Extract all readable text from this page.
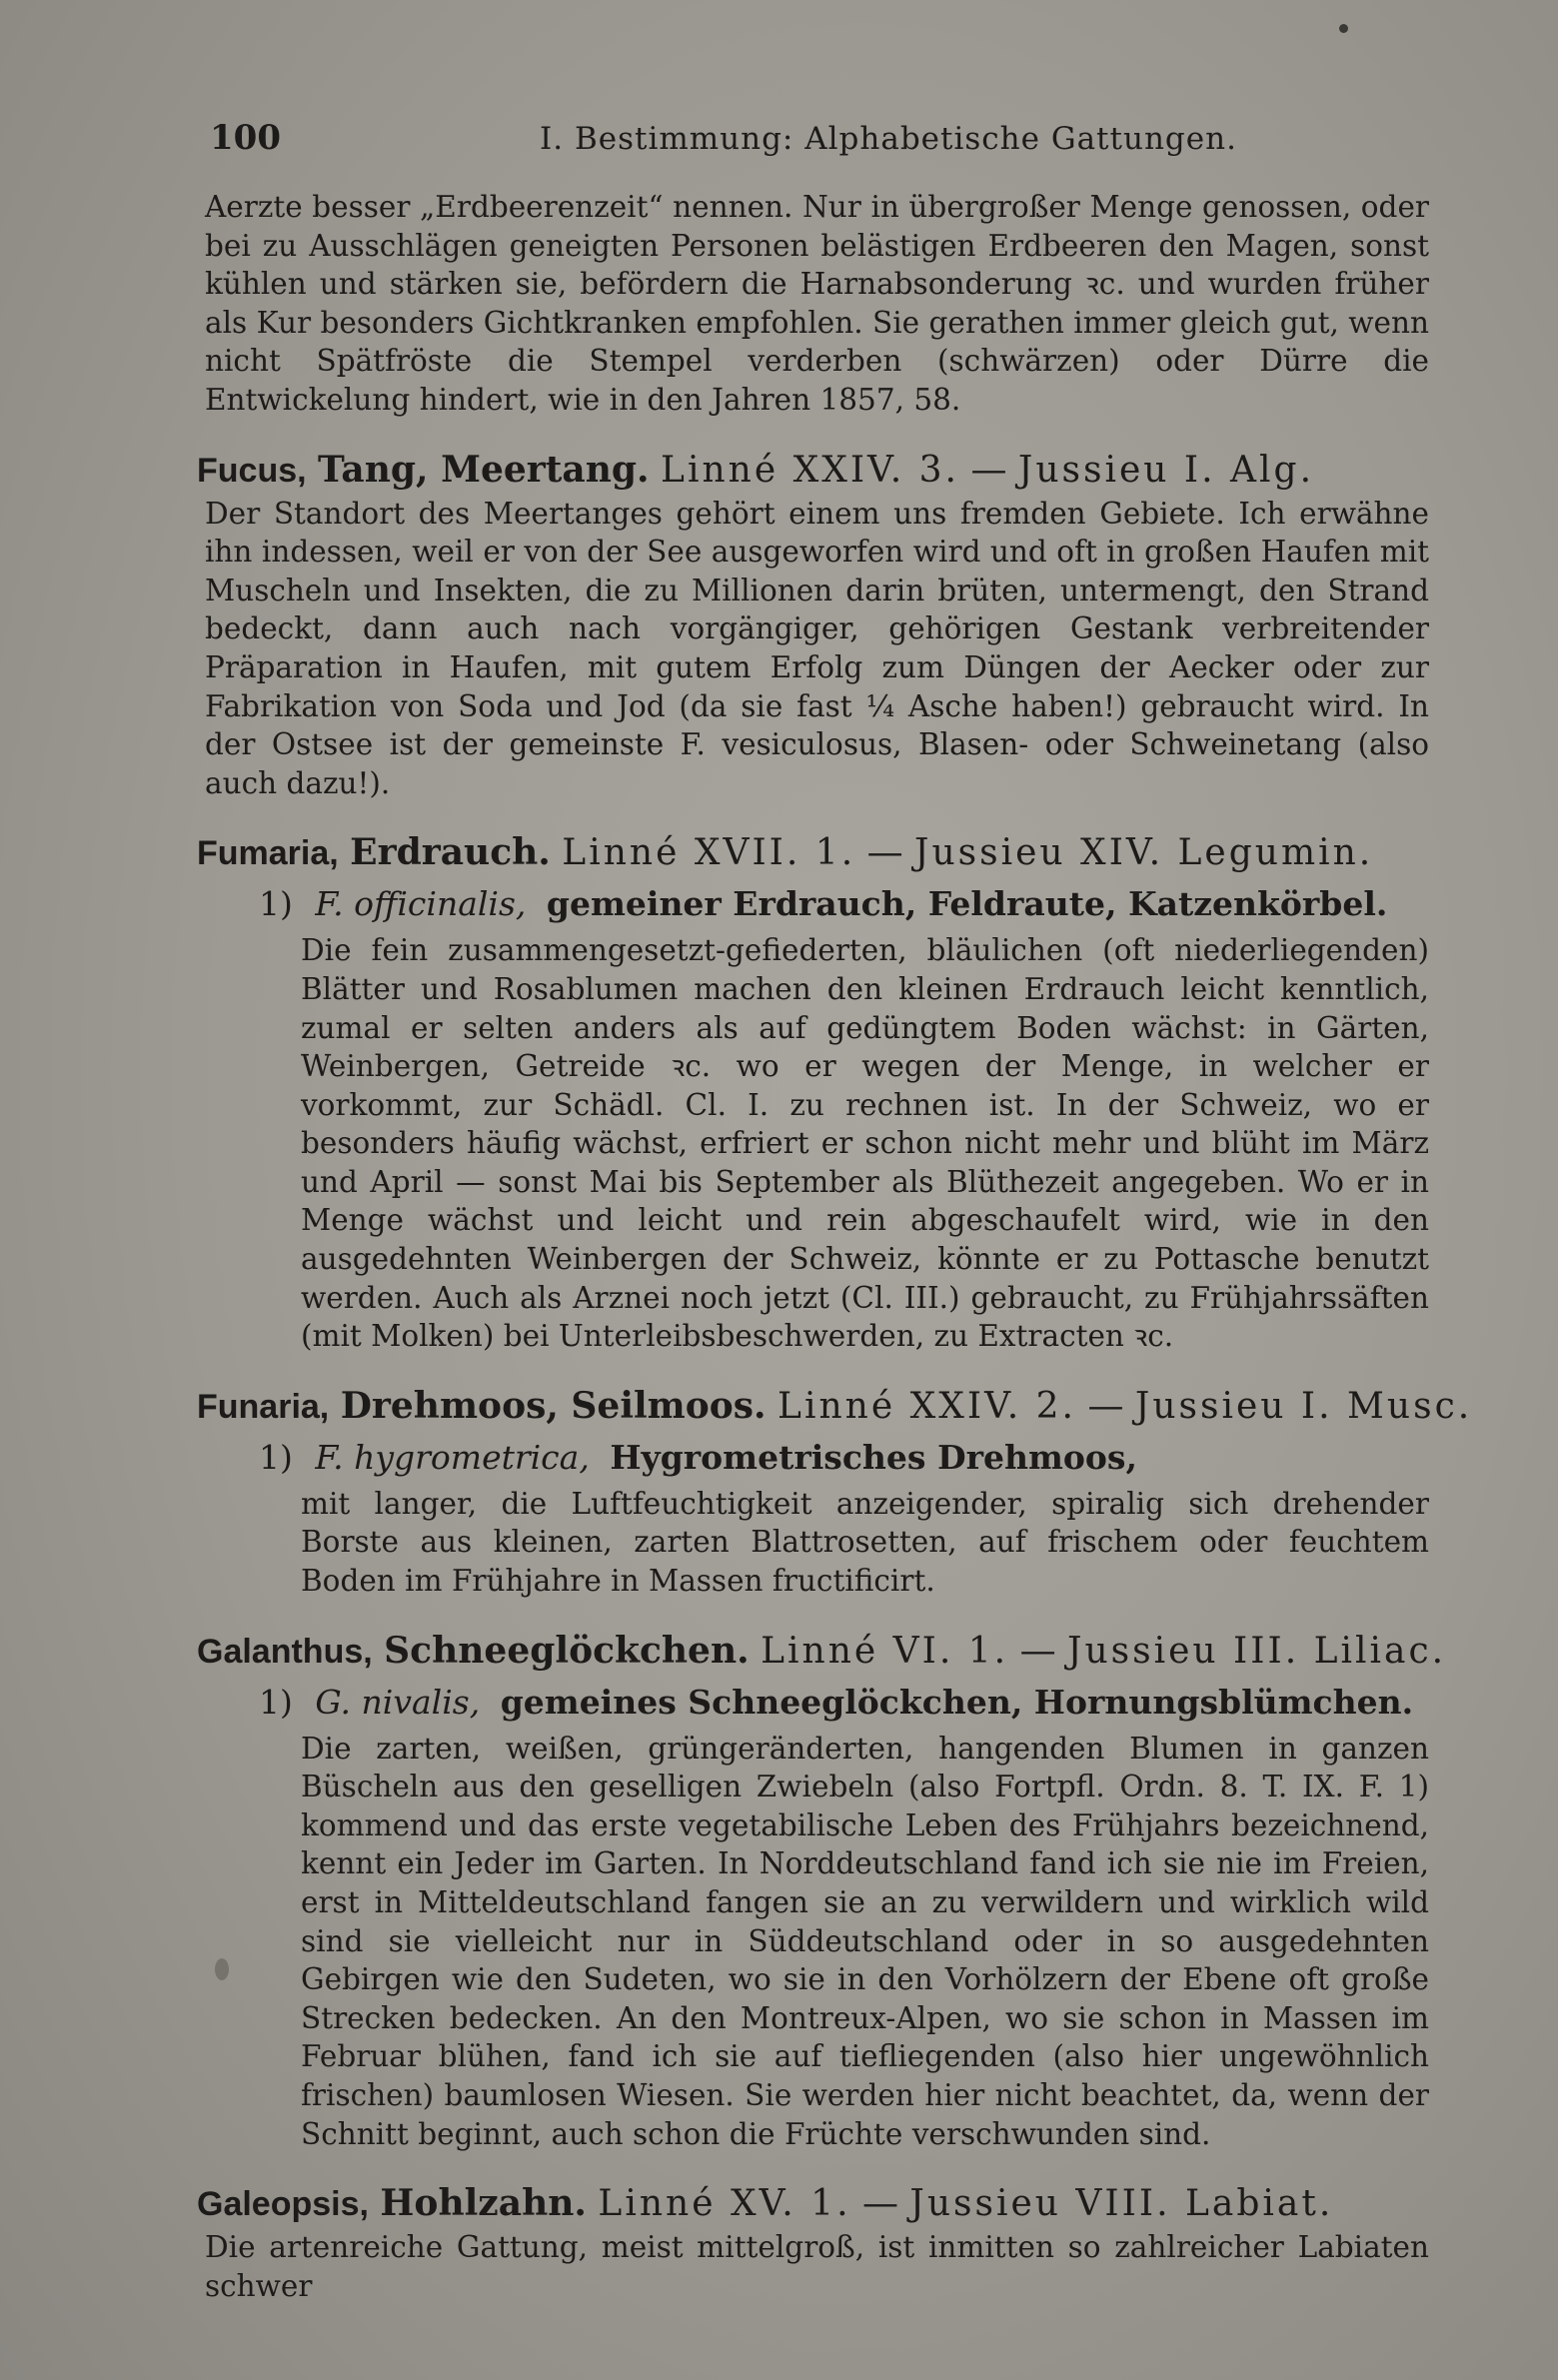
100	I. Bestimmung: Alphabetische Gattungen.

Aerzte besser „Erdbeerenzeit“ nennen. Nur in übergroßer Menge genossen, oder bei zu Ausschlägen geneigten Personen belästigen Erdbeeren den Magen, sonst kühlen und stärken sie, befördern die Harnabsonderung ꝛc. und wurden früher als Kur besonders Gichtkranken empfohlen. Sie gerathen immer gleich gut, wenn nicht Spätfröste die Stempel verderben (schwärzen) oder Dürre die Entwickelung hindert, wie in den Jahren 1857, 58.

Fucus, Tang, Meertang. Linné XXIV. 3. — Jussieu I. Alg.

Der Standort des Meertanges gehört einem uns fremden Gebiete. Ich erwähne ihn indessen, weil er von der See ausgeworfen wird und oft in großen Haufen mit Muscheln und Insekten, die zu Millionen darin brüten, untermengt, den Strand bedeckt, dann auch nach vorgängiger, gehörigen Gestank verbreitender Präparation in Haufen, mit gutem Erfolg zum Düngen der Aecker oder zur Fabrikation von Soda und Jod (da sie fast ¼ Asche haben!) gebraucht wird. In der Ostsee ist der gemeinste F. vesiculosus, Blasen- oder Schweinetang (also auch dazu!).

Fumaria, Erdrauch. Linné XVII. 1. — Jussieu XIV. Legumin.
1) F. officinalis, gemeiner Erdrauch, Feldraute, Katzenkörbel.

Die fein zusammengesetzt-gefiederten, bläulichen (oft niederliegenden) Blätter und Rosablumen machen den kleinen Erdrauch leicht kenntlich, zumal er selten anders als auf gedüngtem Boden wächst: in Gärten, Weinbergen, Getreide ꝛc. wo er wegen der Menge, in welcher er vorkommt, zur Schädl. Cl. I. zu rechnen ist. In der Schweiz, wo er besonders häufig wächst, erfriert er schon nicht mehr und blüht im März und April — sonst Mai bis September als Blüthezeit angegeben. Wo er in Menge wächst und leicht und rein abgeschaufelt wird, wie in den ausgedehnten Weinbergen der Schweiz, könnte er zu Pottasche benutzt werden. Auch als Arznei noch jetzt (Cl. III.) gebraucht, zu Frühjahrssäften (mit Molken) bei Unterleibsbeschwerden, zu Extracten ꝛc.

Funaria, Drehmoos, Seilmoos. Linné XXIV. 2. — Jussieu I. Musc.
1) F. hygrometrica, Hygrometrisches Drehmoos,

mit langer, die Luftfeuchtigkeit anzeigender, spiralig sich drehender Borste aus kleinen, zarten Blattrosetten, auf frischem oder feuchtem Boden im Frühjahre in Massen fructificirt.

Galanthus, Schneeglöckchen. Linné VI. 1. — Jussieu III. Liliac.
1) G. nivalis, gemeines Schneeglöckchen, Hornungsblümchen.

Die zarten, weißen, grüngeränderten, hangenden Blumen in ganzen Büscheln aus den geselligen Zwiebeln (also Fortpfl. Ordn. 8. T. IX. F. 1) kommend und das erste vegetabilische Leben des Frühjahrs bezeichnend, kennt ein Jeder im Garten. In Norddeutschland fand ich sie nie im Freien, erst in Mitteldeutschland fangen sie an zu verwildern und wirklich wild sind sie vielleicht nur in Süddeutschland oder in so ausgedehnten Gebirgen wie den Sudeten, wo sie in den Vorhölzern der Ebene oft große Strecken bedecken. An den Montreux-Alpen, wo sie schon in Massen im Februar blühen, fand ich sie auf tiefliegenden (also hier ungewöhnlich frischen) baumlosen Wiesen. Sie werden hier nicht beachtet, da, wenn der Schnitt beginnt, auch schon die Früchte verschwunden sind.

Galeopsis, Hohlzahn. Linné XV. 1. — Jussieu VIII. Labiat.

Die artenreiche Gattung, meist mittelgroß, ist inmitten so zahlreicher Labiaten schwer
